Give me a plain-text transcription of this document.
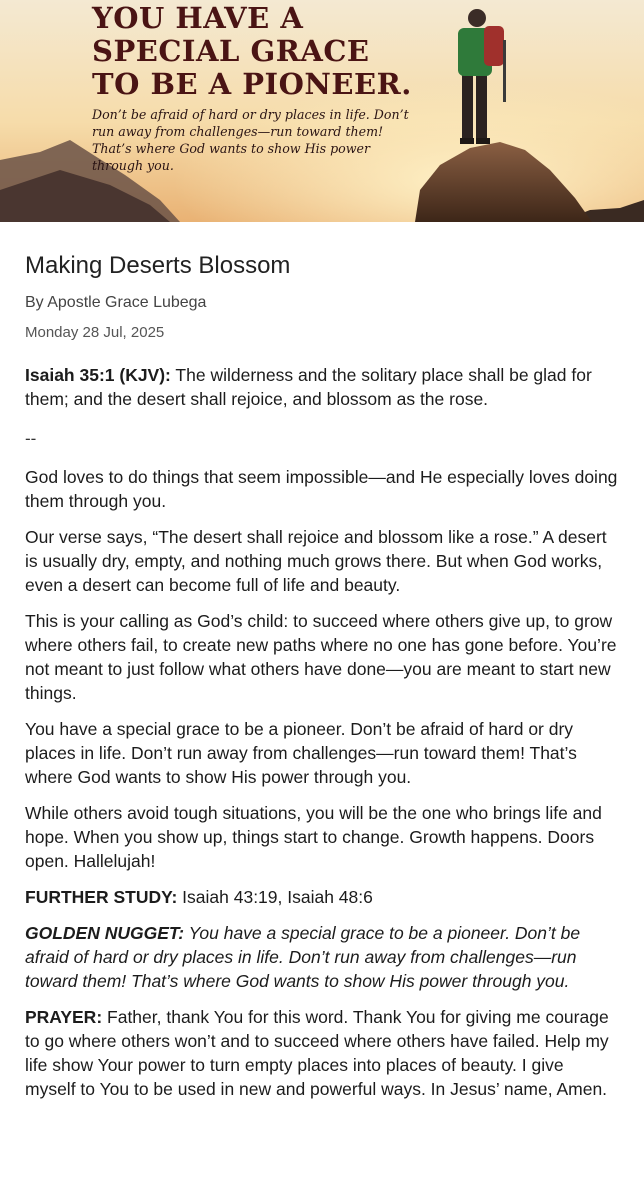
YOU HAVE A
SPECIAL GRACE
TO BE A PIONEER.

Don’t be afraid of hard or dry places in life. Don’t run away from challenges—run toward them! That’s where God wants to show His power through you.

Making Deserts Blossom
By Apostle Grace Lubega
Monday 28 Jul, 2025

Isaiah 35:1 (KJV): The wilderness and the solitary place shall be glad for them; and the desert shall rejoice, and blossom as the rose.

--

God loves to do things that seem impossible—and He especially loves doing them through you.

Our verse says, “The desert shall rejoice and blossom like a rose.” A desert is usually dry, empty, and nothing much grows there. But when God works, even a desert can become full of life and beauty.

This is your calling as God’s child: to succeed where others give up, to grow where others fail, to create new paths where no one has gone before. You’re not meant to just follow what others have done—you are meant to start new things.

You have a special grace to be a pioneer. Don’t be afraid of hard or dry places in life. Don’t run away from challenges—run toward them! That’s where God wants to show His power through you.

While others avoid tough situations, you will be the one who brings life and hope. When you show up, things start to change. Growth happens. Doors open. Hallelujah!

FURTHER STUDY: Isaiah 43:19, Isaiah 48:6

GOLDEN NUGGET: You have a special grace to be a pioneer. Don’t be afraid of hard or dry places in life. Don’t run away from challenges—run toward them! That’s where God wants to show His power through you.

PRAYER: Father, thank You for this word. Thank You for giving me courage to go where others won’t and to succeed where others have failed. Help my life show Your power to turn empty places into places of beauty. I give myself to You to be used in new and powerful ways. In Jesus’ name, Amen.
